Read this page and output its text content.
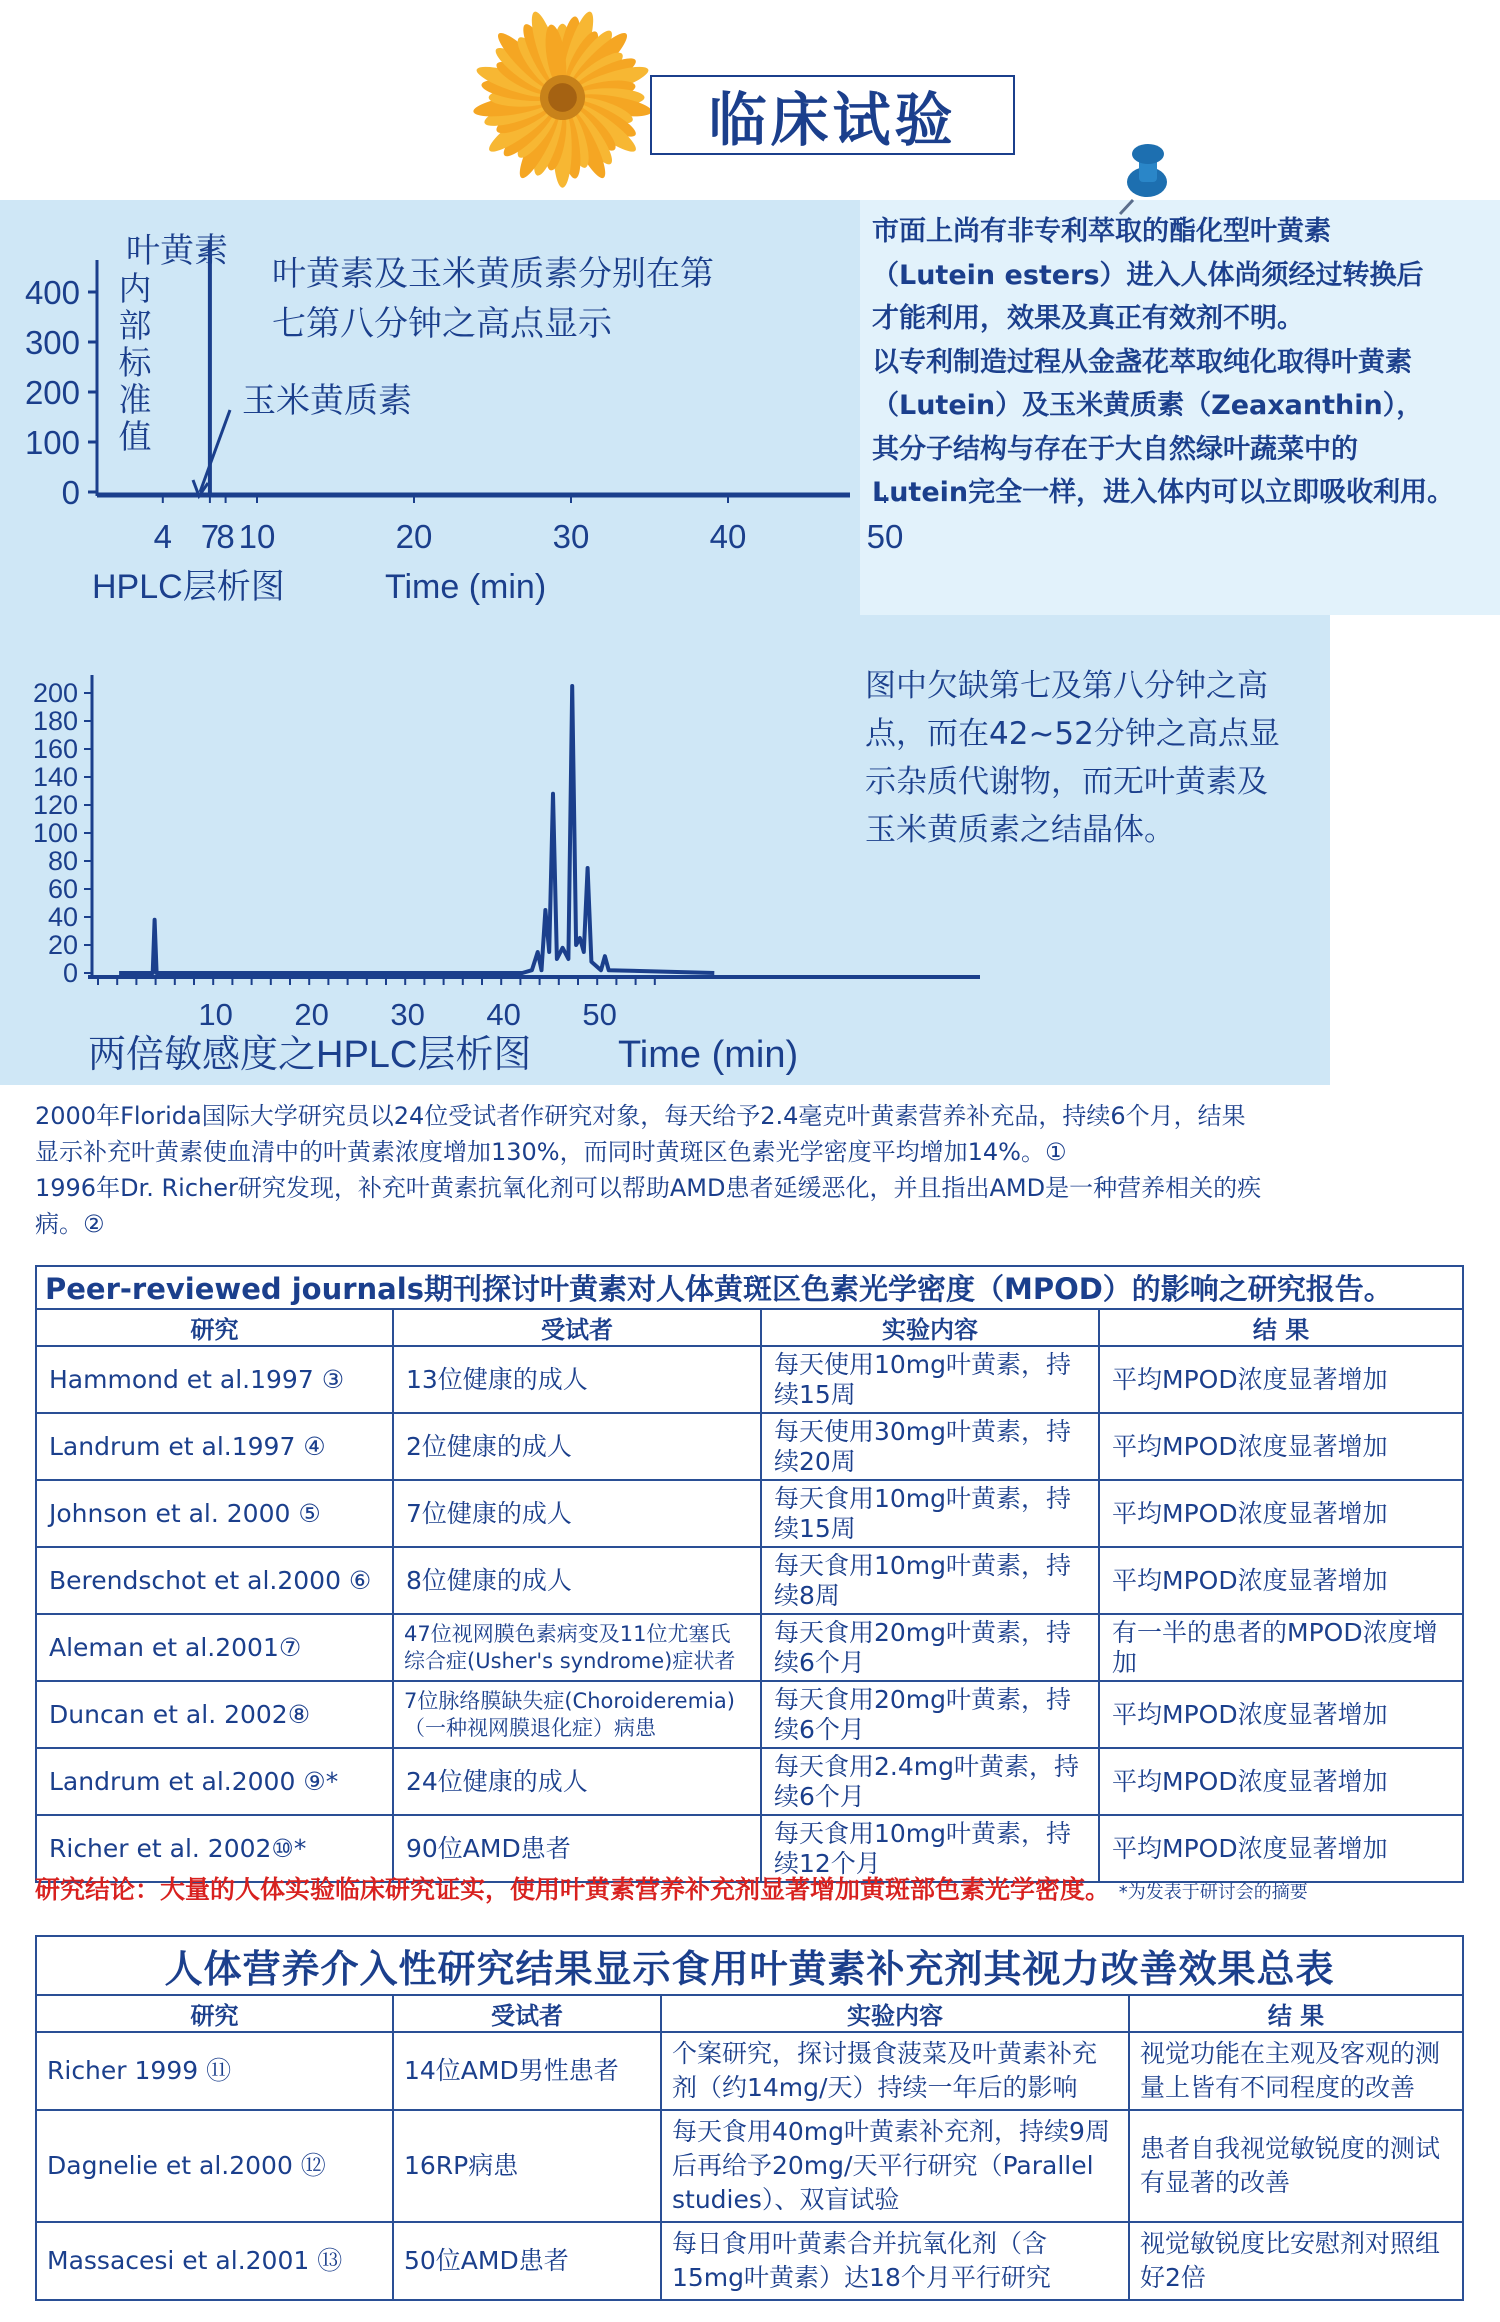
临床试验
叶黄素及玉米黄质素分别在第
七第八分钟之高点显示
400
300
200
100
0
4 7
8 10	20	30	40	50
叶黄素
玉米黄质素
内
部
标
准
值
HPLC层析图	Time (min)
市面上尚有非专利萃取的酯化型叶黄素
（Lutein esters）进入人体尚须经过转换后
才能利用，效果及真正有效剂不明。
以专利制造过程从金盏花萃取纯化取得叶黄素
（Lutein）及玉米黄质素（Zeaxanthin），
其分子结构与存在于大自然绿叶蔬菜中的
Lutein完全一样，进入体内可以立即吸收利用。
200
180
160
140
120
100
80
60
40
20
0
10 20 30 40 50
两倍敏感度之HPLC层析图 Time (min)
图中欠缺第七及第八分钟之高
点，而在42~52分钟之高点显
示杂质代谢物，而无叶黄素及
玉米黄质素之结晶体。
2000年Florida国际大学研究员以24位受试者作研究对象，每天给予2.4毫克叶黄素营养补充品，持续6个月，结果
显示补充叶黄素使血清中的叶黄素浓度增加130%，而同时黄斑区色素光学密度平均增加14%。①
1996年Dr. Richer研究发现，补充叶黄素抗氧化剂可以帮助AMD患者延缓恶化，并且指出AMD是一种营养相关的疾
病。②
Peer-reviewed journals期刊探讨叶黄素对人体黄斑区色素光学密度（MPOD）的影响之研究报告。			
研究	受试者	实验内容	结 果
Hammond et al.1997 ③	13位健康的成人	每天使用10mg叶黄素，持续15周	平均MPOD浓度显著增加
Landrum et al.1997 ④	2位健康的成人	每天使用30mg叶黄素，持续20周	平均MPOD浓度显著增加
Johnson et al. 2000 ⑤	7位健康的成人	每天食用10mg叶黄素，持续15周	平均MPOD浓度显著增加
Berendschot et al.2000 ⑥	8位健康的成人	每天食用10mg叶黄素，持续8周	平均MPOD浓度显著增加
Aleman et al.2001⑦	47位视网膜色素病变及11位尤塞氏综合症(Usher's syndrome)症状者	每天食用20mg叶黄素，持续6个月	有一半的患者的MPOD浓度增加
Duncan et al. 2002⑧	7位脉络膜缺失症(Choroideremia)（一种视网膜退化症）病患	每天食用20mg叶黄素，持续6个月	平均MPOD浓度显著增加
Landrum et al.2000 ⑨*	24位健康的成人	每天食用2.4mg叶黄素，持续6个月	平均MPOD浓度显著增加
Richer et al. 2002⑩*	90位AMD患者	每天食用10mg叶黄素，持续12个月	平均MPOD浓度显著增加
研究结论：大量的人体实验临床研究证实，使用叶黄素营养补充剂显著增加黄斑部色素光学密度。 *为发表于研讨会的摘要
人体营养介入性研究结果显示食用叶黄素补充剂其视力改善效果总表			
研究	受试者	实验内容	结 果
Richer 1999 ⑪	14位AMD男性患者	个案研究，探讨摄食菠菜及叶黄素补充剂（约14mg/天）持续一年后的影响	视觉功能在主观及客观的测量上皆有不同程度的改善
Dagnelie et al.2000 ⑫	16RP病患	每天食用40mg叶黄素补充剂，持续9周后再给予20mg/天平行研究（Parallel studies）、双盲试验	患者自我视觉敏锐度的测试有显著的改善
Massacesi et al.2001 ⑬	50位AMD患者	每日食用叶黄素合并抗氧化剂（含15mg叶黄素）达18个月平行研究	视觉敏锐度比安慰剂对照组好2倍
